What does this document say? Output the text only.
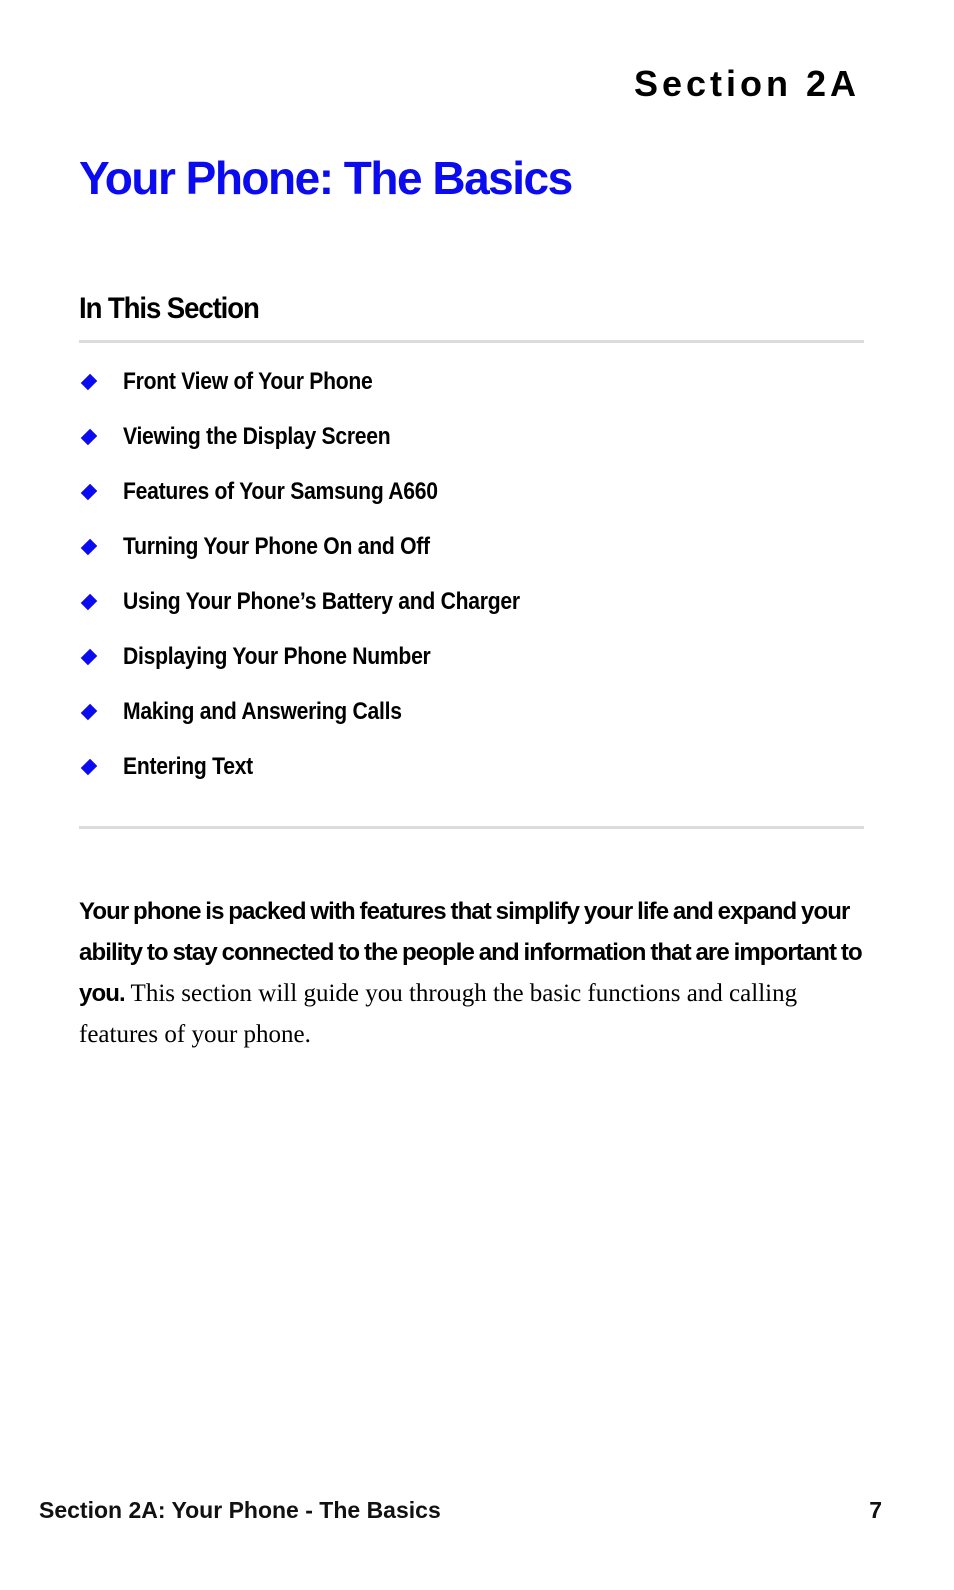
Section 2A

Your Phone: The Basics
In This Section
Front View of Your Phone
Viewing the Display Screen
Features of Your Samsung A660
Turning Your Phone On and Off
Using Your Phone’s Battery and Charger
Displaying Your Phone Number
Making and Answering Calls
Entering Text

Your phone is packed with features that simplify your life and expand your ability to stay connected to the people and information that are important to you. This section will guide you through the basic functions and calling features of your phone.

Section 2A: Your Phone - The Basics	7
